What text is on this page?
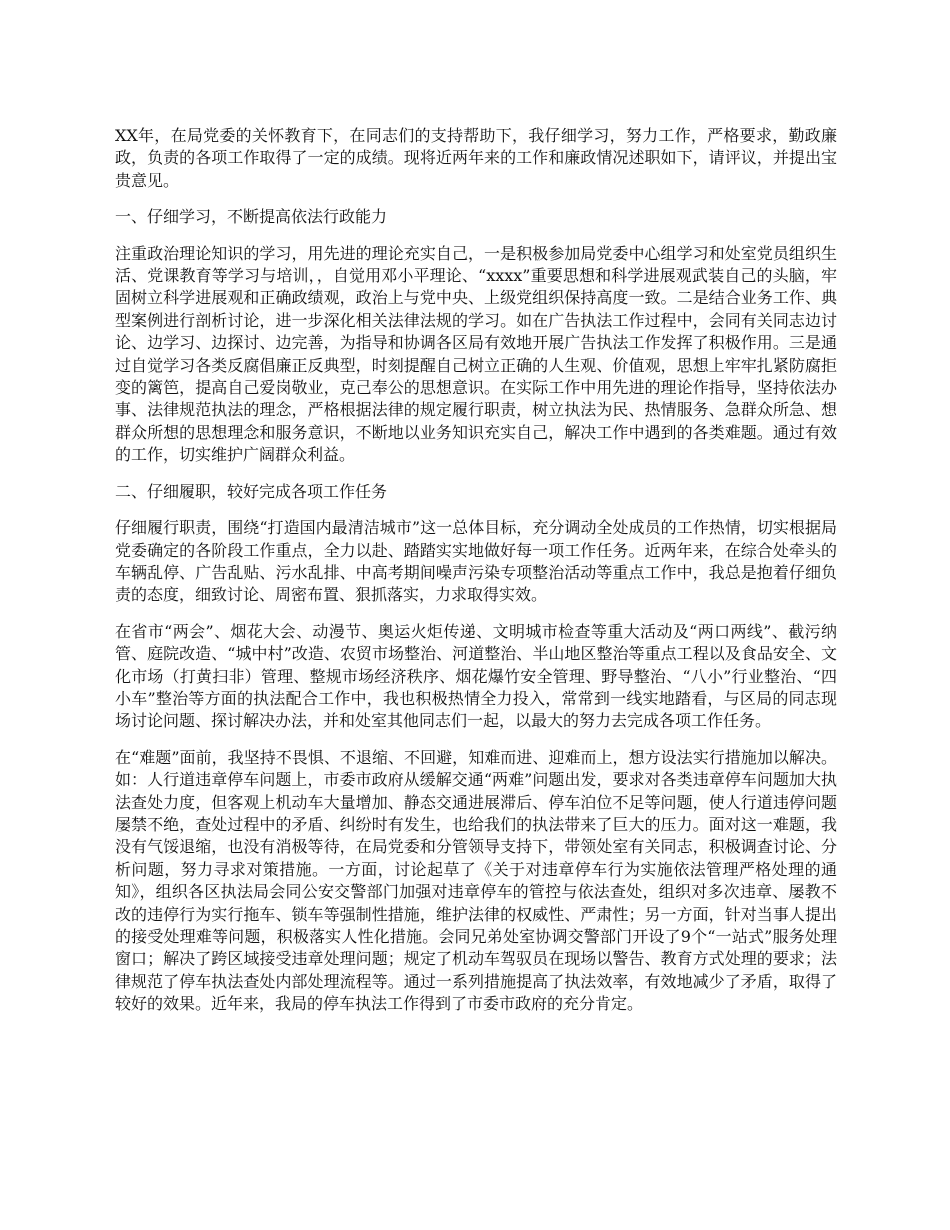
XX年，在局党委的关怀教育下，在同志们的支持帮助下，我仔细学习，努力工作，严格要求，勤政廉政，负责的各项工作取得了一定的成绩。现将近两年来的工作和廉政情况述职如下，请评议，并提出宝贵意见。

一、仔细学习，不断提高依法行政能力

注重政治理论知识的学习，用先进的理论充实自己，一是积极参加局党委中心组学习和处室党员组织生活、党课教育等学习与培训，，自觉用邓小平理论、“xxxx”重要思想和科学进展观武装自己的头脑，牢固树立科学进展观和正确政绩观，政治上与党中央、上级党组织保持高度一致。二是结合业务工作、典型案例进行剖析讨论，进一步深化相关法律法规的学习。如在广告执法工作过程中，会同有关同志边讨论、边学习、边探讨、边完善，为指导和协调各区局有效地开展广告执法工作发挥了积极作用。三是通过自觉学习各类反腐倡廉正反典型，时刻提醒自己树立正确的人生观、价值观，思想上牢牢扎紧防腐拒变的篱笆，提高自己爱岗敬业，克己奉公的思想意识。在实际工作中用先进的理论作指导，坚持依法办事、法律规范执法的理念，严格根据法律的规定履行职责，树立执法为民、热情服务、急群众所急、想群众所想的思想理念和服务意识，不断地以业务知识充实自己，解决工作中遇到的各类难题。通过有效的工作，切实维护广阔群众利益。

二、仔细履职，较好完成各项工作任务

仔细履行职责，围绕“打造国内最清洁城市”这一总体目标，充分调动全处成员的工作热情，切实根据局党委确定的各阶段工作重点，全力以赴、踏踏实实地做好每一项工作任务。近两年来，在综合处牵头的车辆乱停、广告乱贴、污水乱排、中高考期间噪声污染专项整治活动等重点工作中，我总是抱着仔细负责的态度，细致讨论、周密布置、狠抓落实，力求取得实效。

在省市“两会”、烟花大会、动漫节、奥运火炬传递、文明城市检查等重大活动及“两口两线”、截污纳管、庭院改造、“城中村”改造、农贸市场整治、河道整治、半山地区整治等重点工程以及食品安全、文化市场（打黄扫非）管理、整规市场经济秩序、烟花爆竹安全管理、野导整治、“八小”行业整治、“四小车”整治等方面的执法配合工作中，我也积极热情全力投入，常常到一线实地踏看，与区局的同志现场讨论问题、探讨解决办法，并和处室其他同志们一起，以最大的努力去完成各项工作任务。

在“难题”面前，我坚持不畏惧、不退缩、不回避，知难而进、迎难而上，想方设法实行措施加以解决。如：人行道违章停车问题上，市委市政府从缓解交通“两难”问题出发，要求对各类违章停车问题加大执法查处力度，但客观上机动车大量增加、静态交通进展滞后、停车泊位不足等问题，使人行道违停问题屡禁不绝，查处过程中的矛盾、纠纷时有发生，也给我们的执法带来了巨大的压力。面对这一难题，我没有气馁退缩，也没有消极等待，在局党委和分管领导支持下，带领处室有关同志，积极调查讨论、分析问题，努力寻求对策措施。一方面，讨论起草了《关于对违章停车行为实施依法管理严格处理的通知》，组织各区执法局会同公安交警部门加强对违章停车的管控与依法查处，组织对多次违章、屡教不改的违停行为实行拖车、锁车等强制性措施，维护法律的权威性、严肃性；另一方面，针对当事人提出的接受处理难等问题，积极落实人性化措施。会同兄弟处室协调交警部门开设了9个“一站式”服务处理窗口；解决了跨区域接受违章处理问题；规定了机动车驾驭员在现场以警告、教育方式处理的要求；法律规范了停车执法查处内部处理流程等。通过一系列措施提高了执法效率，有效地减少了矛盾，取得了较好的效果。近年来，我局的停车执法工作得到了市委市政府的充分肯定。
